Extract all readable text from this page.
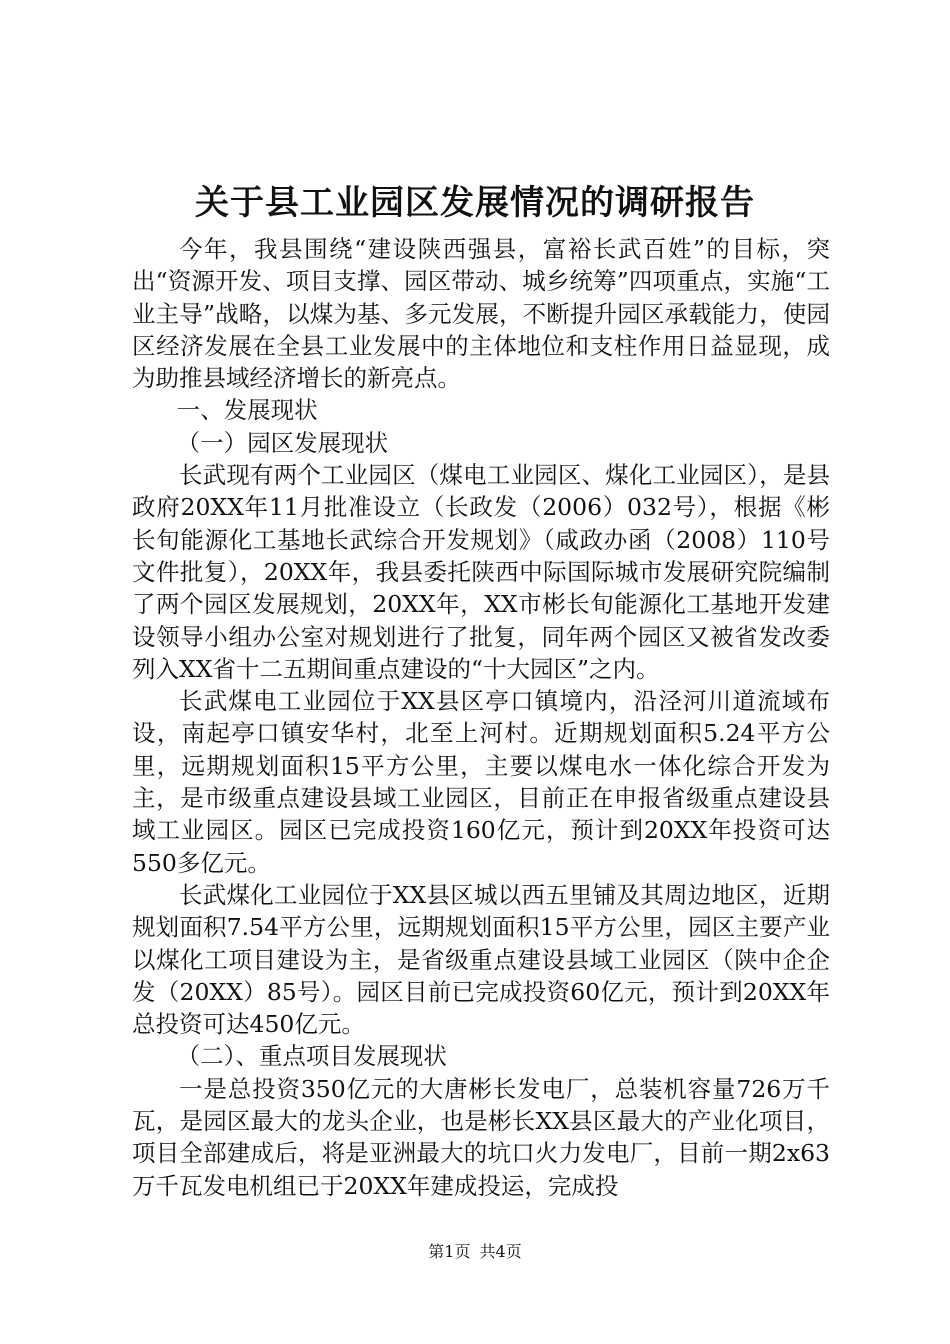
关于县工业园区发展情况的调研报告

今年，我县围绕“建设陕西强县，富裕长武百姓”的目标，突出“资源开发、项目支撑、园区带动、城乡统筹”四项重点，实施“工业主导”战略，以煤为基、多元发展，不断提升园区承载能力，使园区经济发展在全县工业发展中的主体地位和支柱作用日益显现，成为助推县域经济增长的新亮点。

一、发展现状

（一）园区发展现状

长武现有两个工业园区（煤电工业园区、煤化工业园区），是县政府20XX年11月批准设立（长政发（2006）032号），根据《彬长旬能源化工基地长武综合开发规划》（咸政办函（2008）110号文件批复），20XX年，我县委托陕西中际国际城市发展研究院编制了两个园区发展规划，20XX年，XX市彬长旬能源化工基地开发建设领导小组办公室对规划进行了批复，同年两个园区又被省发改委列入XX省十二五期间重点建设的“十大园区”之内。

长武煤电工业园位于XX县区亭口镇境内，沿泾河川道流域布设，南起亭口镇安华村，北至上河村。近期规划面积5.24平方公里，远期规划面积15平方公里，主要以煤电水一体化综合开发为主，是市级重点建设县域工业园区，目前正在申报省级重点建设县域工业园区。园区已完成投资160亿元，预计到20XX年投资可达550多亿元。

长武煤化工业园位于XX县区城以西五里铺及其周边地区，近期规划面积7.54平方公里，远期规划面积15平方公里，园区主要产业以煤化工项目建设为主，是省级重点建设县域工业园区（陕中企企发（20XX）85号）。园区目前已完成投资60亿元，预计到20XX年总投资可达450亿元。

（二）、重点项目发展现状

一是总投资350亿元的大唐彬长发电厂，总装机容量726万千瓦，是园区最大的龙头企业，也是彬长XX县区最大的产业化项目，项目全部建成后，将是亚洲最大的坑口火力发电厂，目前一期2x63万千瓦发电机组已于20XX年建成投运，完成投

第1页 共4页
